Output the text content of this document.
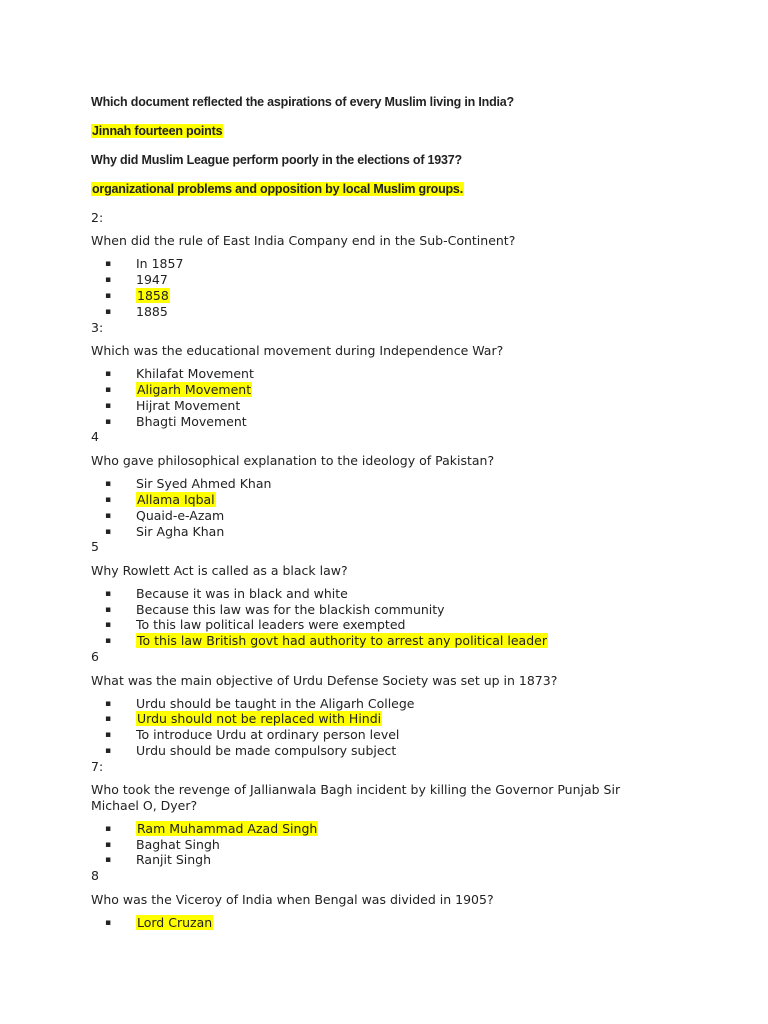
Which document reflected the aspirations of every Muslim living in India?
Jinnah fourteen points
Why did Muslim League perform poorly in the elections of 1937?
organizational problems and opposition by local Muslim groups.
2:
When did the rule of East India Company end in the Sub-Continent?
▪ In 1857
▪ 1947
▪ 1858
▪ 1885
3:
Which was the educational movement during Independence War?
▪ Khilafat Movement
▪ Aligarh Movement
▪ Hijrat Movement
▪ Bhagti Movement
4
Who gave philosophical explanation to the ideology of Pakistan?
▪ Sir Syed Ahmed Khan
▪ Allama Iqbal
▪ Quaid-e-Azam
▪ Sir Agha Khan
5
Why Rowlett Act is called as a black law?
▪ Because it was in black and white
▪ Because this law was for the blackish community
▪ To this law political leaders were exempted
▪ To this law British govt had authority to arrest any political leader
6
What was the main objective of Urdu Defense Society was set up in 1873?
▪ Urdu should be taught in the Aligarh College
▪ Urdu should not be replaced with Hindi
▪ To introduce Urdu at ordinary person level
▪ Urdu should be made compulsory subject
7:
Who took the revenge of Jallianwala Bagh incident by killing the Governor Punjab Sir
Michael O, Dyer?
▪ Ram Muhammad Azad Singh
▪ Baghat Singh
▪ Ranjit Singh
8
Who was the Viceroy of India when Bengal was divided in 1905?
▪ Lord Cruzan
